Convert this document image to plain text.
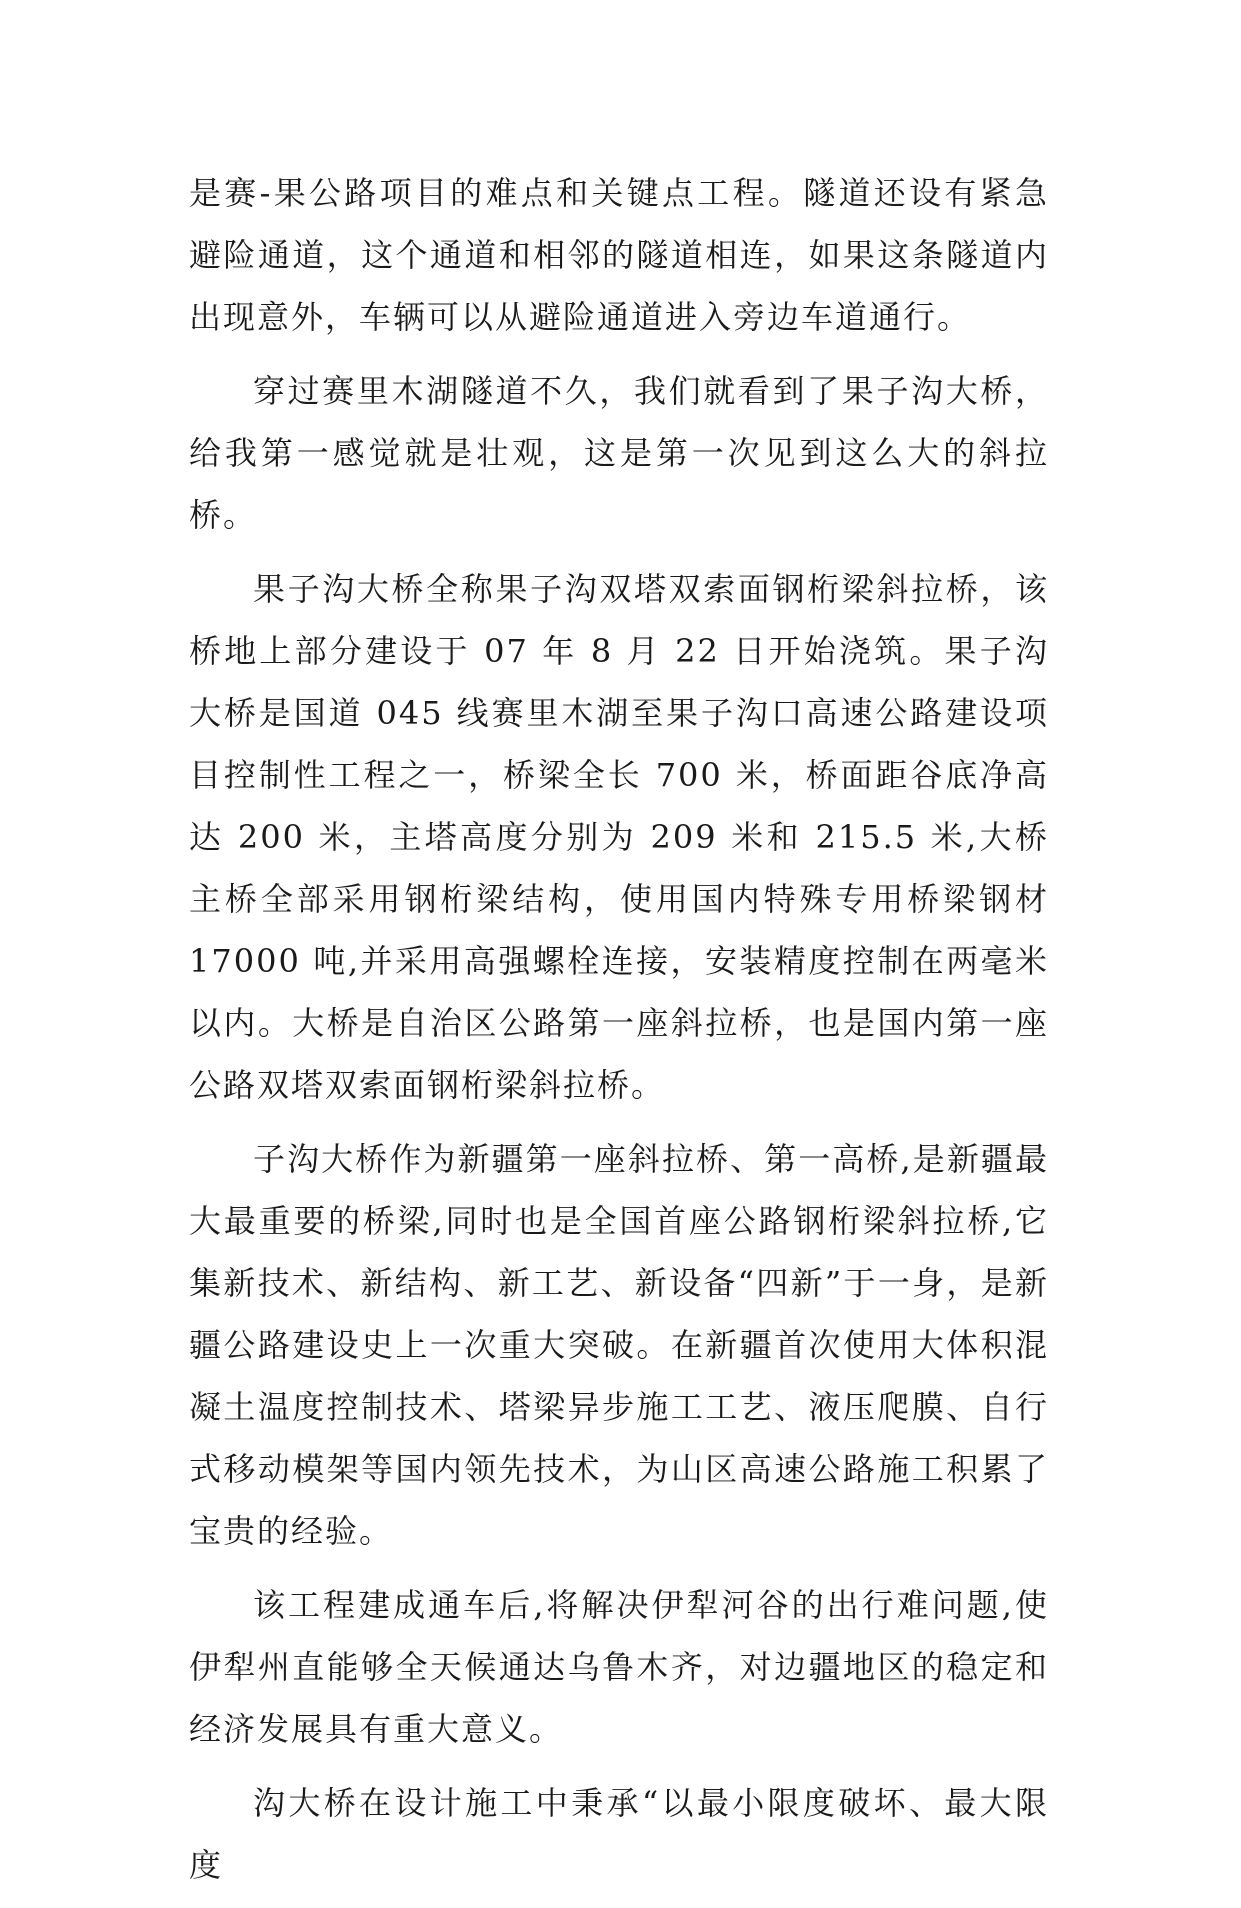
是赛-果公路项目的难点和关键点工程。隧道还设有紧急避险通道，这个通道和相邻的隧道相连，如果这条隧道内出现意外，车辆可以从避险通道进入旁边车道通行。

穿过赛里木湖隧道不久，我们就看到了果子沟大桥，给我第一感觉就是壮观，这是第一次见到这么大的斜拉桥。

果子沟大桥全称果子沟双塔双索面钢桁梁斜拉桥，该桥地上部分建设于 07 年 8 月 22 日开始浇筑。果子沟大桥是国道 045 线赛里木湖至果子沟口高速公路建设项目控制性工程之一，桥梁全长 700 米，桥面距谷底净高达 200 米，主塔高度分别为 209 米和 215.5 米,大桥主桥全部采用钢桁梁结构，使用国内特殊专用桥梁钢材 17000 吨,并采用高强螺栓连接，安装精度控制在两毫米以内。大桥是自治区公路第一座斜拉桥，也是国内第一座公路双塔双索面钢桁梁斜拉桥。

子沟大桥作为新疆第一座斜拉桥、第一高桥,是新疆最大最重要的桥梁,同时也是全国首座公路钢桁梁斜拉桥,它集新技术、新结构、新工艺、新设备“四新”于一身，是新疆公路建设史上一次重大突破。在新疆首次使用大体积混凝土温度控制技术、塔梁异步施工工艺、液压爬膜、自行式移动模架等国内领先技术，为山区高速公路施工积累了宝贵的经验。

该工程建成通车后,将解决伊犁河谷的出行难问题,使伊犁州直能够全天候通达乌鲁木齐，对边疆地区的稳定和经济发展具有重大意义。

沟大桥在设计施工中秉承“以最小限度破坏、最大限度
